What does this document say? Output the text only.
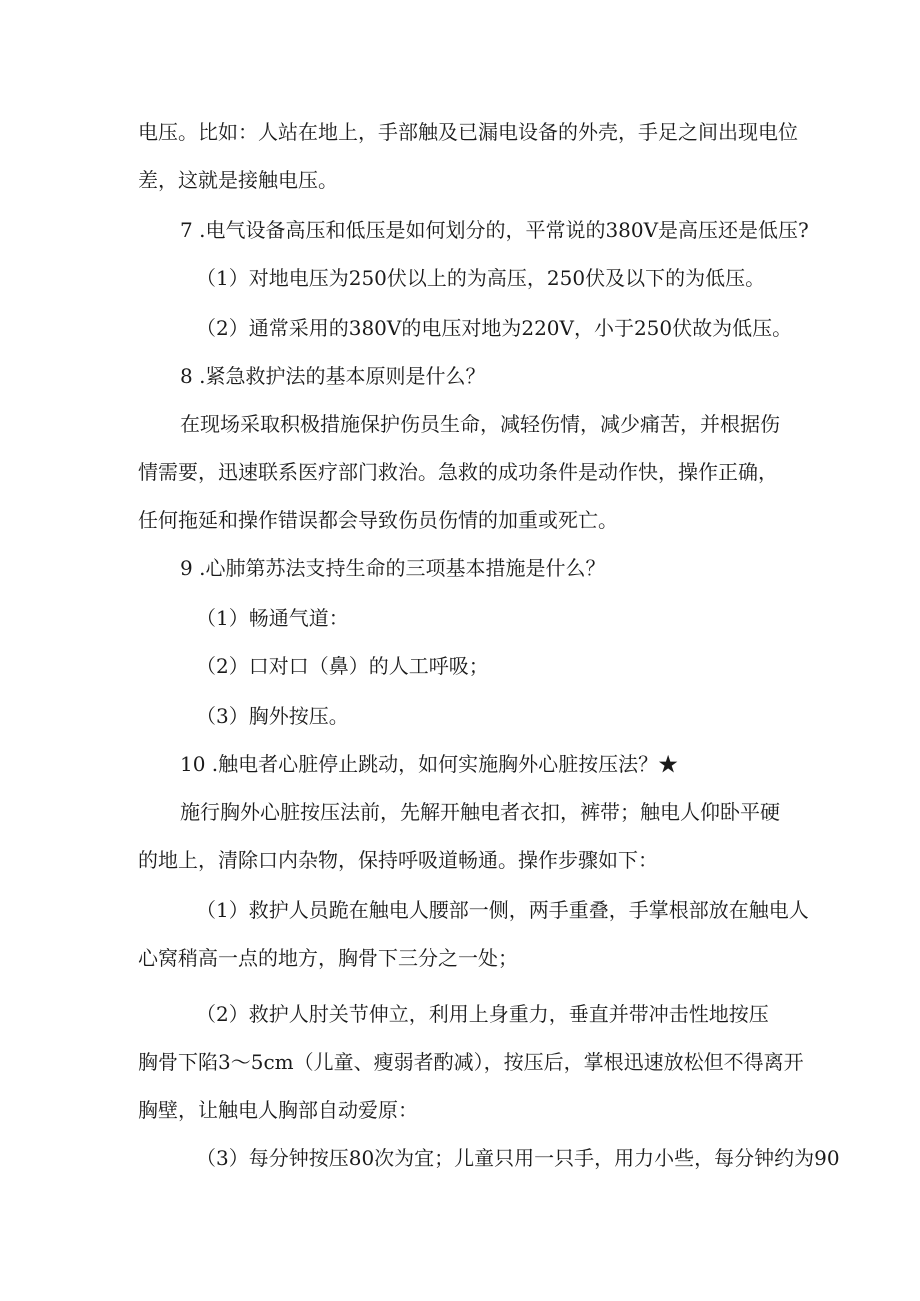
电压。比如：人站在地上，手部触及已漏电设备的外壳，手足之间出现电位
差，这就是接触电压。
7 .电气设备高压和低压是如何划分的，平常说的380V是高压还是低压?
（1）对地电压为250伏以上的为高压，250伏及以下的为低压。
（2）通常采用的380V的电压对地为220V，小于250伏故为低压。
8 .紧急救护法的基本原则是什么？
在现场采取积极措施保护伤员生命，减轻伤情，减少痛苦，并根据伤
情需要，迅速联系医疗部门救治。急救的成功条件是动作快，操作正确，
任何拖延和操作错误都会导致伤员伤情的加重或死亡。
9 .心肺第苏法支持生命的三项基本措施是什么？
（1）畅通气道：
（2）口对口（鼻）的人工呼吸；
（3）胸外按压。
10 .触电者心脏停止跳动，如何实施胸外心脏按压法？★
施行胸外心脏按压法前，先解开触电者衣扣，裤带；触电人仰卧平硬
的地上，清除口内杂物，保持呼吸道畅通。操作步骤如下：
（1）救护人员跪在触电人腰部一侧，两手重叠，手掌根部放在触电人
心窝稍高一点的地方，胸骨下三分之一处；
（2）救护人肘关节伸立，利用上身重力，垂直并带冲击性地按压
胸骨下陷3〜5cm（儿童、瘦弱者酌减），按压后，掌根迅速放松但不得离开
胸壁，让触电人胸部自动爱原：
（3）每分钟按压80次为宜；儿童只用一只手，用力小些，每分钟约为90
